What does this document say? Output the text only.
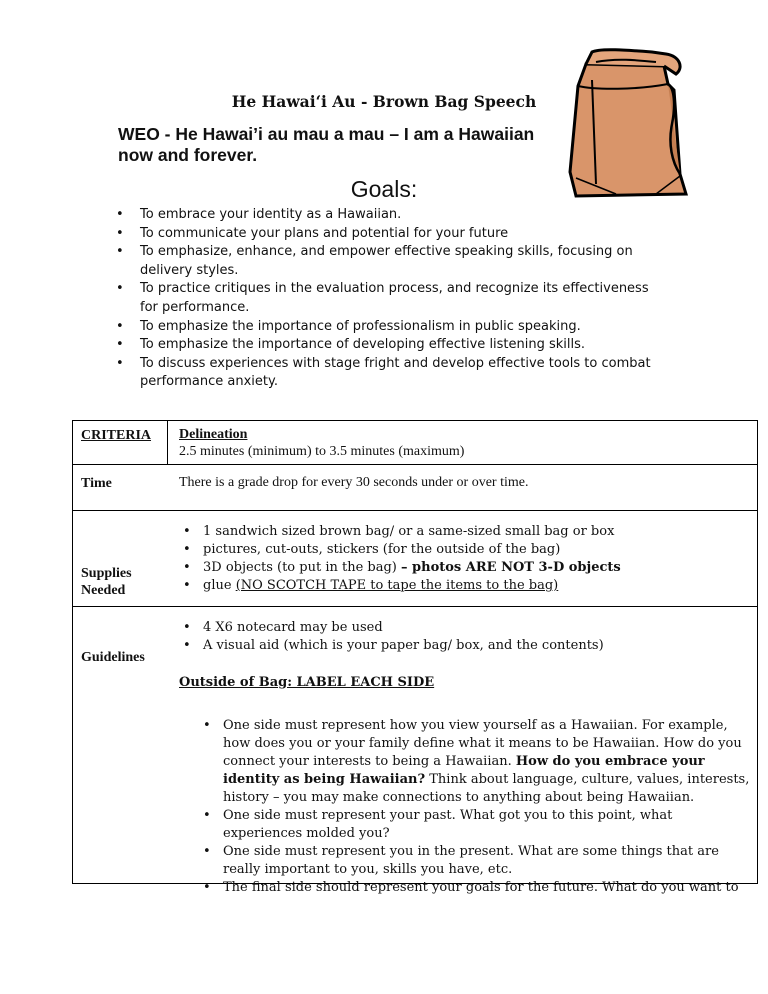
He Hawaiʻi Au - Brown Bag Speech
WEO - He Hawai’i au mau a mau – I am a Hawaiian now and forever.
Goals:
• To embrace your identity as a Hawaiian.
• To communicate your plans and potential for your future
• To emphasize, enhance, and empower effective speaking skills, focusing on delivery styles.
• To practice critiques in the evaluation process, and recognize its effectiveness for performance.
• To emphasize the importance of professionalism in public speaking.
• To emphasize the importance of developing effective listening skills.
• To discuss experiences with stage fright and develop effective tools to combat performance anxiety.
CRITERIA Delineation
2.5 minutes (minimum) to 3.5 minutes (maximum)
Time	There is a grade drop for every 30 seconds under or over time.
Supplies Needed
• 1 sandwich sized brown bag/ or a same-sized small bag or box
• pictures, cut-outs, stickers (for the outside of the bag)
• 3D objects (to put in the bag) – photos ARE NOT 3-D objects
• glue (NO SCOTCH TAPE to tape the items to the bag)
Guidelines
• 4 X6 notecard may be used
• A visual aid (which is your paper bag/ box, and the contents)
Outside of Bag: LABEL EACH SIDE
• One side must represent how you view yourself as a Hawaiian. For example, how does you or your family define what it means to be Hawaiian. How do you connect your interests to being a Hawaiian. How do you embrace your identity as being Hawaiian? Think about language, culture, values, interests, history – you may make connections to anything about being Hawaiian.
• One side must represent your past. What got you to this point, what experiences molded you?
• One side must represent you in the present. What are some things that are really important to you, skills you have, etc.
• The final side should represent your goals for the future. What do you want to
